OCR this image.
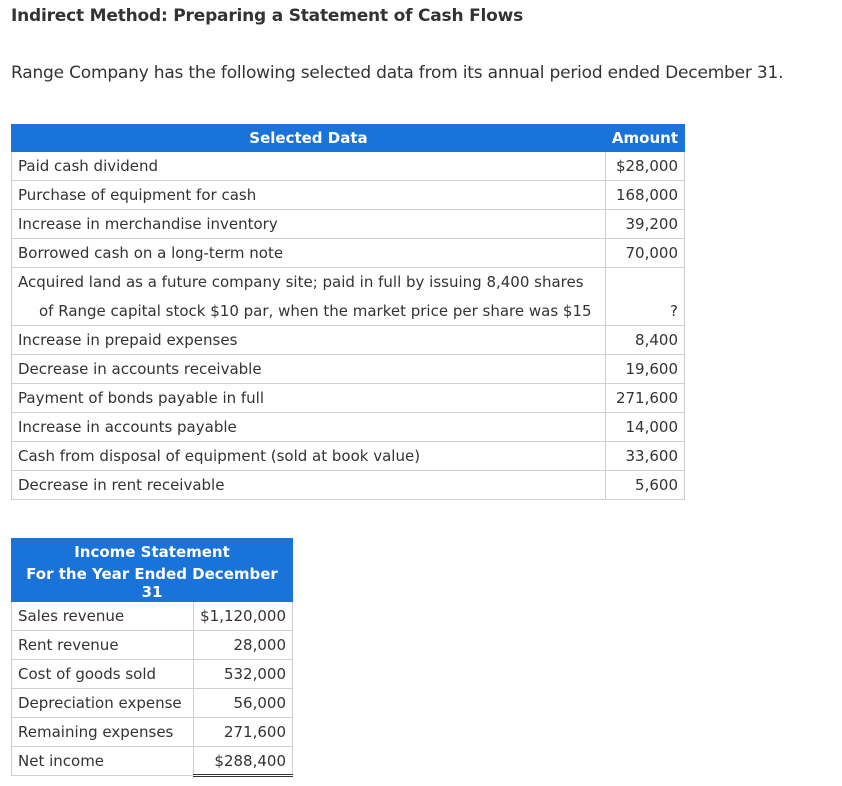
Indirect Method: Preparing a Statement of Cash Flows

Range Company has the following selected data from its annual period ended December 31.

Selected Data	Amount
Paid cash dividend	$28,000
Purchase of equipment for cash	168,000
Increase in merchandise inventory	39,200
Borrowed cash on a long-term note	70,000
Acquired land as a future company site; paid in full by issuing 8,400 shares	
of Range capital stock $10 par, when the market price per share was $15	?
Increase in prepaid expenses	8,400
Decrease in accounts receivable	19,600
Payment of bonds payable in full	271,600
Increase in accounts payable	14,000
Cash from disposal of equipment (sold at book value)	33,600
Decrease in rent receivable	5,600
Income Statement	
For the Year Ended December 31	
Sales revenue	$1,120,000
Rent revenue	28,000
Cost of goods sold	532,000
Depreciation expense	56,000
Remaining expenses	271,600
Net income	$288,400
